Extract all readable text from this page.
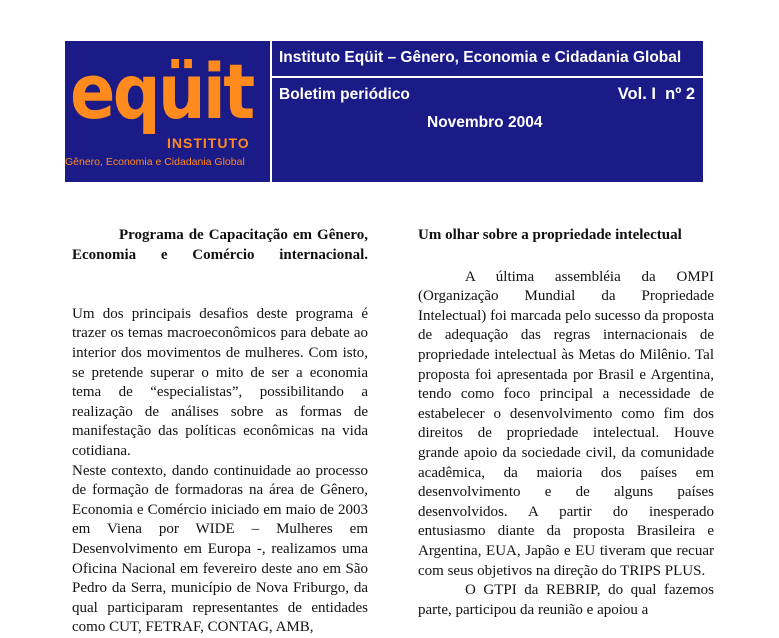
eqüit
INSTITUTO
Gênero, Economia e Cidadania Global
Instituto Eqüit – Gênero, Economia e Cidadania Global
Boletim periódico	Vol. I nº 2
Novembro 2004

Programa de Capacitação em Gênero, Economia e Comércio internacional.

Um dos principais desafios deste programa é trazer os temas macroeconômicos para debate ao interior dos movimentos de mulheres. Com isto, se pretende superar o mito de ser a economia tema de “especialistas”, possibilitando a realização de análises sobre as formas de manifestação das políticas econômicas na vida cotidiana.

Neste contexto, dando continuidade ao processo de formação de formadoras na área de Gênero, Economia e Comércio iniciado em maio de 2003 em Viena por WIDE – Mulheres em Desenvolvimento em Europa -, realizamos uma Oficina Nacional em fevereiro deste ano em São Pedro da Serra, município de Nova Friburgo, da qual participaram representantes de entidades como CUT, FETRAF, CONTAG, AMB,

Um olhar sobre a propriedade intelectual

A última assembléia da OMPI (Organização Mundial da Propriedade Intelectual) foi marcada pelo sucesso da proposta de adequação das regras internacionais de propriedade intelectual às Metas do Milênio. Tal proposta foi apresentada por Brasil e Argentina, tendo como foco principal a necessidade de estabelecer o desenvolvimento como fim dos direitos de propriedade intelectual. Houve grande apoio da sociedade civil, da comunidade acadêmica, da maioria dos países em desenvolvimento e de alguns países desenvolvidos. A partir do inesperado entusiasmo diante da proposta Brasileira e Argentina, EUA, Japão e EU tiveram que recuar com seus objetivos na direção do TRIPS PLUS.

O GTPI da REBRIP, do qual fazemos parte, participou da reunião e apoiou a
